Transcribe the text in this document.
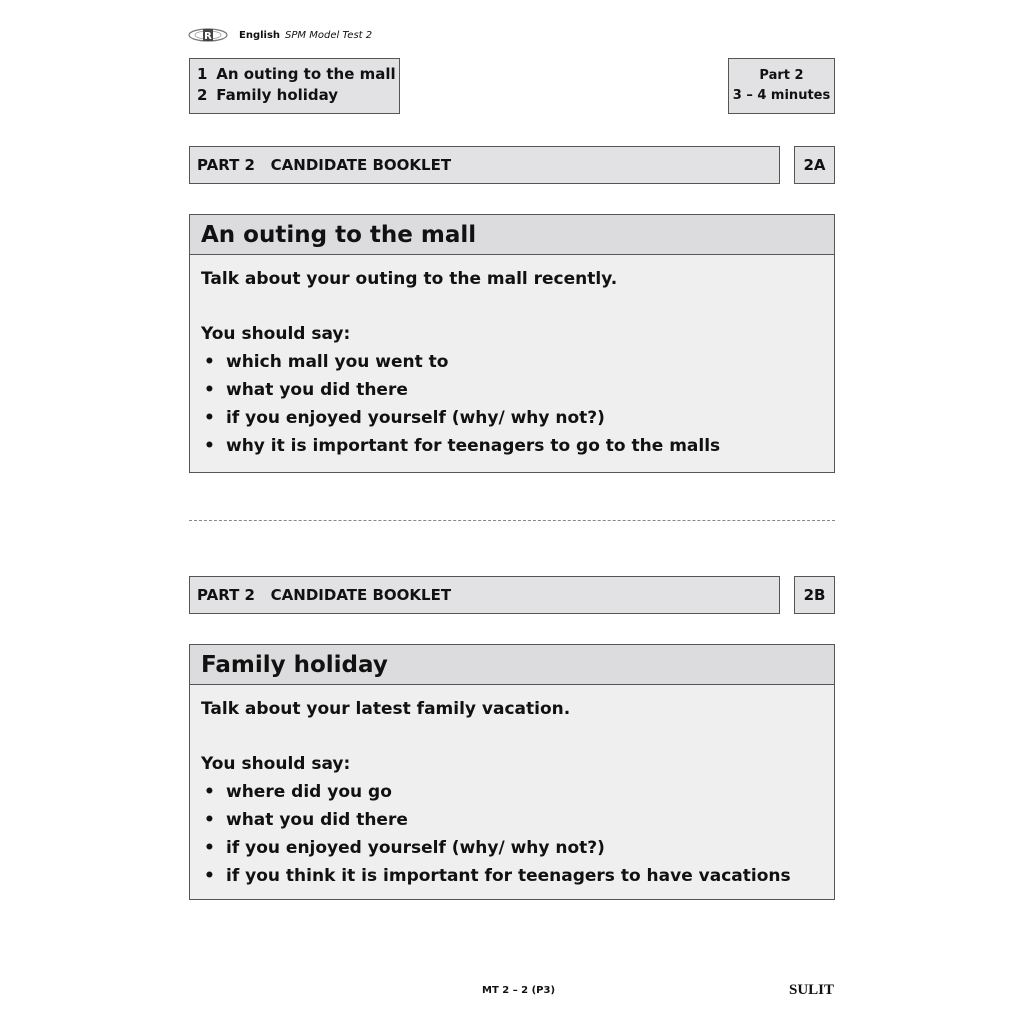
R	English SPM Model Test 2
1 An outing to the mall
2 Family holiday
Part 2
3 – 4 minutes
PART 2   CANDIDATE BOOKLET	2A
An outing to the mall
Talk about your outing to the mall recently.
You should say:
• which mall you went to
• what you did there
• if you enjoyed yourself (why/ why not?)
• why it is important for teenagers to go to the malls
PART 2   CANDIDATE BOOKLET	2B
Family holiday
Talk about your latest family vacation.
You should say:
• where did you go
• what you did there
• if you enjoyed yourself (why/ why not?)
• if you think it is important for teenagers to have vacations
MT 2 – 2 (P3)	SULIT
